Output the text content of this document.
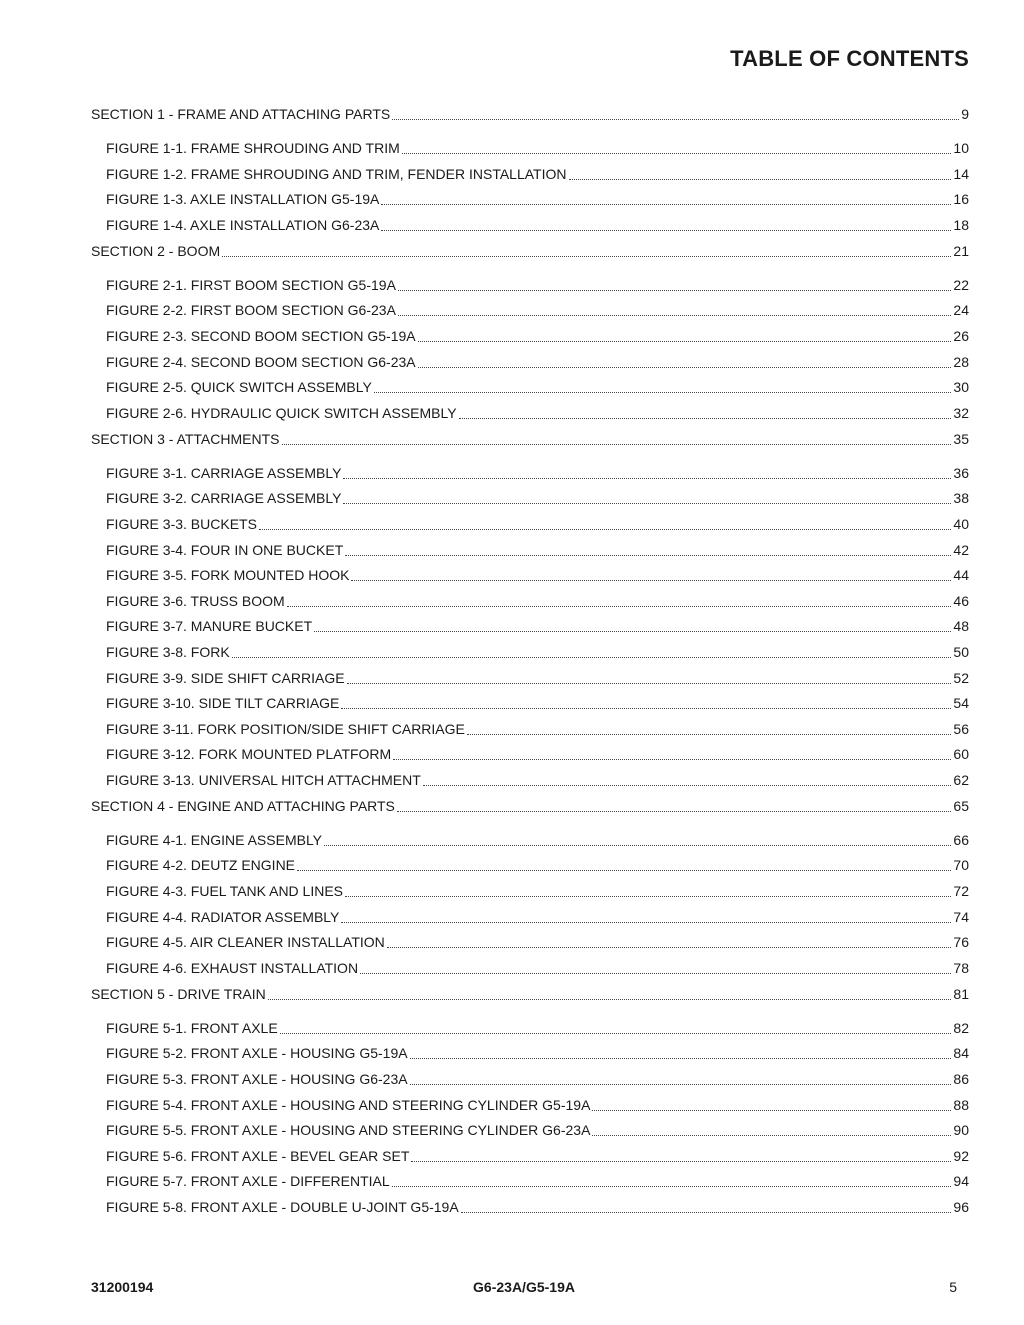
TABLE OF CONTENTS
SECTION 1 - FRAME AND ATTACHING PARTS	9
FIGURE 1-1. FRAME SHROUDING AND TRIM	10
FIGURE 1-2. FRAME SHROUDING AND TRIM, FENDER INSTALLATION	14
FIGURE 1-3. AXLE INSTALLATION G5-19A	16
FIGURE 1-4. AXLE INSTALLATION G6-23A	18
SECTION 2 - BOOM	21
FIGURE 2-1. FIRST BOOM SECTION G5-19A	22
FIGURE 2-2. FIRST BOOM SECTION G6-23A	24
FIGURE 2-3. SECOND BOOM SECTION G5-19A	26
FIGURE 2-4. SECOND BOOM SECTION G6-23A	28
FIGURE 2-5. QUICK SWITCH ASSEMBLY	30
FIGURE 2-6. HYDRAULIC QUICK SWITCH ASSEMBLY	32
SECTION 3 - ATTACHMENTS	35
FIGURE 3-1. CARRIAGE ASSEMBLY	36
FIGURE 3-2. CARRIAGE ASSEMBLY	38
FIGURE 3-3. BUCKETS	40
FIGURE 3-4. FOUR IN ONE BUCKET	42
FIGURE 3-5. FORK MOUNTED HOOK	44
FIGURE 3-6. TRUSS BOOM	46
FIGURE 3-7. MANURE BUCKET	48
FIGURE 3-8. FORK	50
FIGURE 3-9. SIDE SHIFT CARRIAGE	52
FIGURE 3-10. SIDE TILT CARRIAGE	54
FIGURE 3-11. FORK POSITION/SIDE SHIFT CARRIAGE	56
FIGURE 3-12. FORK MOUNTED PLATFORM	60
FIGURE 3-13. UNIVERSAL HITCH ATTACHMENT	62
SECTION 4 - ENGINE AND ATTACHING PARTS	65
FIGURE 4-1. ENGINE ASSEMBLY	66
FIGURE 4-2. DEUTZ ENGINE	70
FIGURE 4-3. FUEL TANK AND LINES	72
FIGURE 4-4. RADIATOR ASSEMBLY	74
FIGURE 4-5. AIR CLEANER INSTALLATION	76
FIGURE 4-6. EXHAUST INSTALLATION	78
SECTION 5 - DRIVE TRAIN	81
FIGURE 5-1. FRONT AXLE	82
FIGURE 5-2. FRONT AXLE - HOUSING G5-19A	84
FIGURE 5-3. FRONT AXLE - HOUSING G6-23A	86
FIGURE 5-4. FRONT AXLE - HOUSING AND STEERING CYLINDER G5-19A	88
FIGURE 5-5. FRONT AXLE - HOUSING AND STEERING CYLINDER G6-23A	90
FIGURE 5-6. FRONT AXLE - BEVEL GEAR SET	92
FIGURE 5-7. FRONT AXLE - DIFFERENTIAL	94
FIGURE 5-8. FRONT AXLE - DOUBLE U-JOINT G5-19A	96
31200194	G6-23A/G5-19A	5
